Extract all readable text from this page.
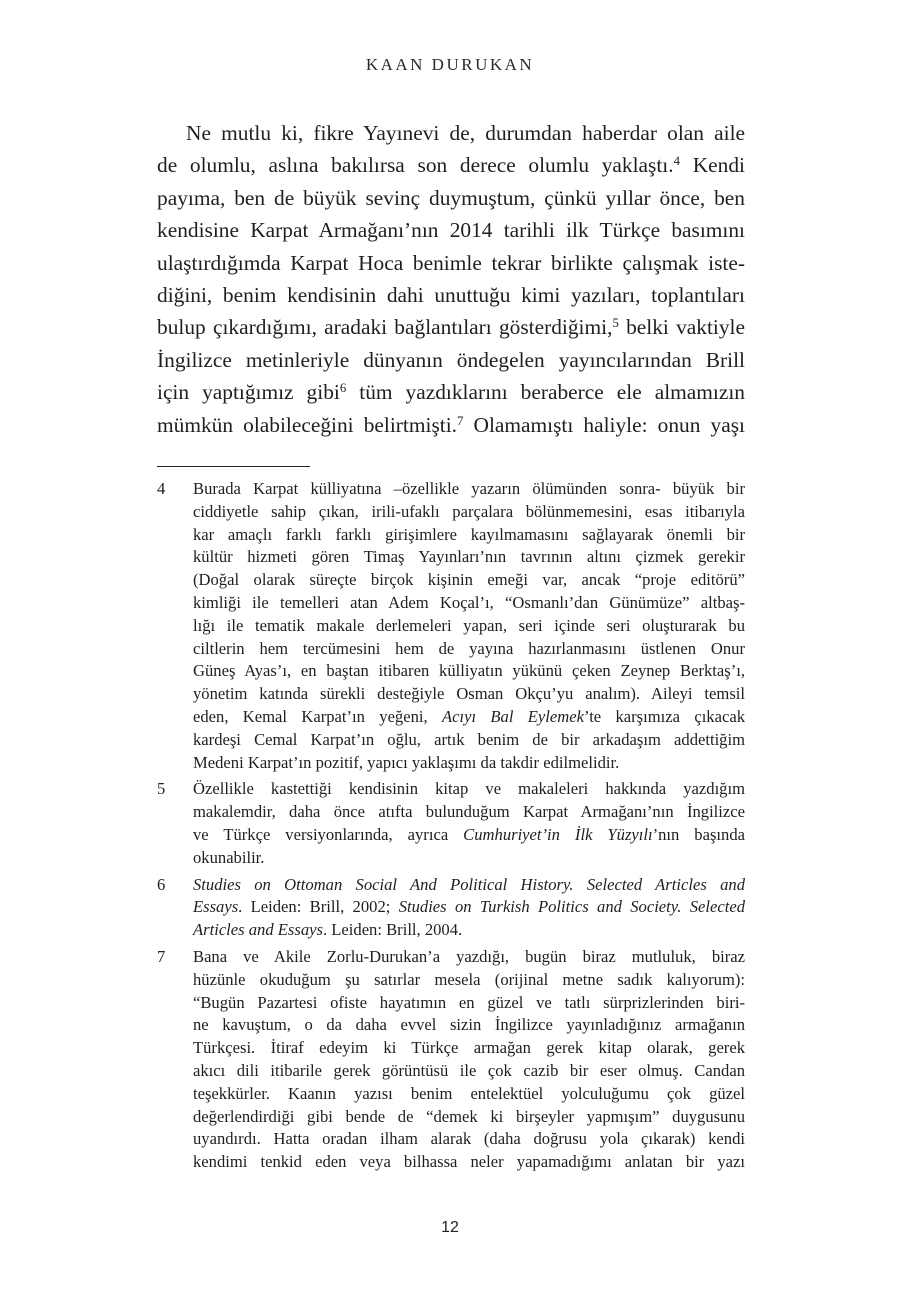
KAAN DURUKAN
Ne mutlu ki, fikre Yayınevi de, durumdan haberdar olan aile
de olumlu, aslına bakılırsa son derece olumlu yaklaştı.$^4$ Kendi
payıma, ben de büyük sevinç duymuştum, çünkü yıllar önce, ben
kendisine Karpat Armağanı’nın 2014 tarihli ilk Türkçe basımını
ulaştırdığımda Karpat Hoca benimle tekrar birlikte çalışmak iste-
diğini, benim kendisinin dahi unuttuğu kimi yazıları, toplantıları
bulup çıkardığımı, aradaki bağlantıları gösterdiğimi,$^5$ belki vaktiyle
İngilizce metinleriyle dünyanın öndegelen yayıncılarından Brill
için yaptığımız gibi$^6$ tüm yazdıklarını beraberce ele almamızın
mümkün olabileceğini belirtmişti.$^7$ Olamamıştı haliyle: onun yaşı
4	Burada Karpat külliyatına –özellikle yazarın ölümünden sonra- büyük bir
ciddiyetle sahip çıkan, irili-ufaklı parçalara bölünmemesini, esas itibarıyla
kar amaçlı farklı farklı girişimlere kayılmamasını sağlayarak önemli bir
kültür hizmeti gören Timaş Yayınları’nın tavrının altını çizmek gerekir
(Doğal olarak süreçte birçok kişinin emeği var, ancak “proje editörü”
kimliği ile temelleri atan Adem Koçal’ı, “Osmanlı’dan Günümüze” altbaş-
lığı ile tematik makale derlemeleri yapan, seri içinde seri oluşturarak bu
ciltlerin hem tercümesini hem de yayına hazırlanmasını üstlenen Onur
Güneş Ayas’ı, en baştan itibaren külliyatın yükünü çeken Zeynep Berktaş’ı,
yönetim katında sürekli desteğiyle Osman Okçu’yu analım). Aileyi temsil
eden, Kemal Karpat’ın yeğeni, Acıyı Bal Eylemek’te karşımıza çıkacak
kardeşi Cemal Karpat’ın oğlu, artık benim de bir arkadaşım addettiğim
Medeni Karpat’ın pozitif, yapıcı yaklaşımı da takdir edilmelidir.
5	Özellikle kastettiği kendisinin kitap ve makaleleri hakkında yazdığım
makalemdir, daha önce atıfta bulunduğum Karpat Armağanı’nın İngilizce
ve Türkçe versiyonlarında, ayrıca Cumhuriyet’in İlk Yüzyılı’nın başında
okunabilir.
6	Studies on Ottoman Social And Political History. Selected Articles and
Essays. Leiden: Brill, 2002; Studies on Turkish Politics and Society. Selected
Articles and Essays. Leiden: Brill, 2004.
7	Bana ve Akile Zorlu-Durukan’a yazdığı, bugün biraz mutluluk, biraz
hüzünle okuduğum şu satırlar mesela (orijinal metne sadık kalıyorum):
“Bugün Pazartesi ofiste hayatımın en güzel ve tatlı sürprizlerinden biri-
ne kavuştum, o da daha evvel sizin İngilizce yayınladığınız armağanın
Türkçesi. İtiraf edeyim ki Türkçe armağan gerek kitap olarak, gerek
akıcı dili itibarile gerek görüntüsü ile çok cazib bir eser olmuş. Candan
teşekkürler. Kaanın yazısı benim entelektüel yolculuğumu çok güzel
değerlendirdiği gibi bende de “demek ki birşeyler yapmışım” duygusunu
uyandırdı. Hatta oradan ilham alarak (daha doğrusu yola çıkarak) kendi
kendimi tenkid eden veya bilhassa neler yapamadığımı anlatan bir yazı
12
